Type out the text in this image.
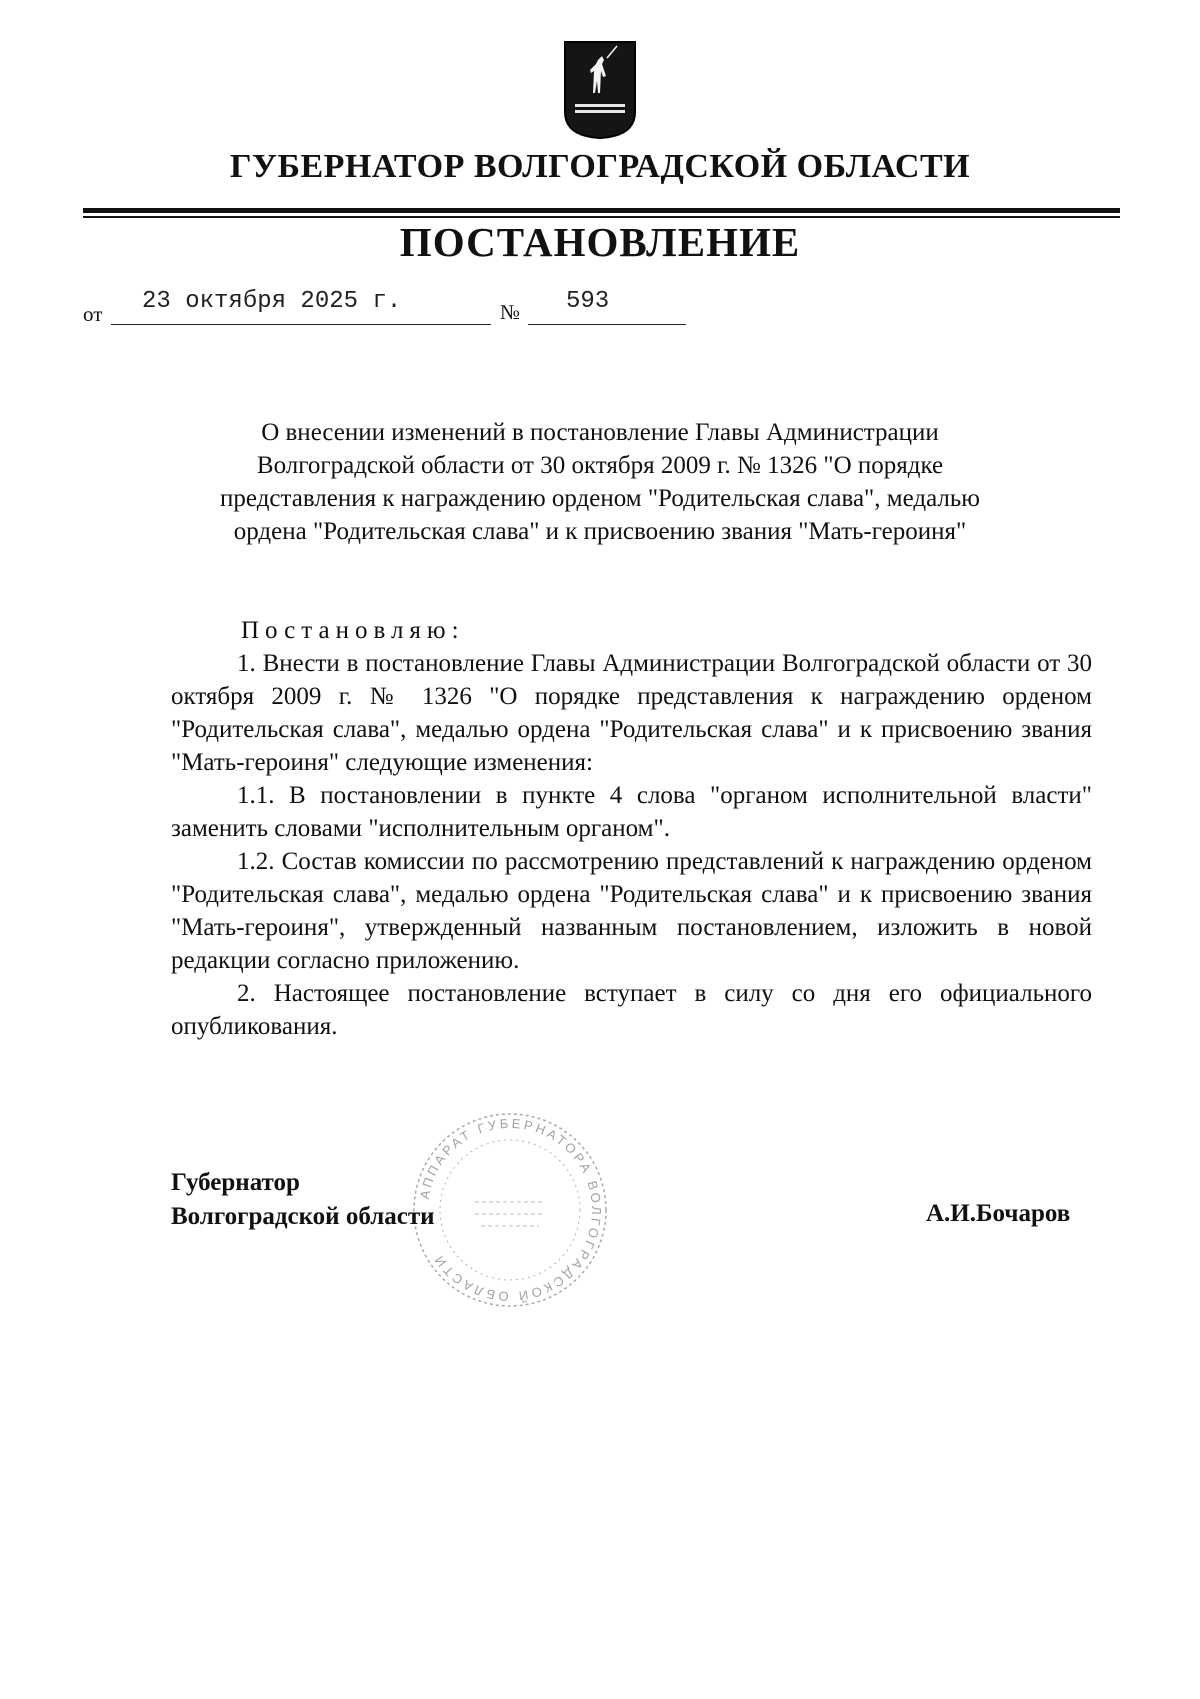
ГУБЕРНАТОР ВОЛГОГРАДСКОЙ ОБЛАСТИ
ПОСТАНОВЛЕНИЕ
от 23 октября 2025 г.	№ 593

О внесении изменений в постановление Главы Администрации

Волгоградской области от 30 октября 2009 г. № 1326 "О порядке

представления к награждению орденом "Родительская слава", медалью

ордена "Родительская слава" и к присвоению звания "Мать-героиня"

Постановляю:

1. Внести в постановление Главы Администрации Волгоградской области от 30 октября 2009 г. № 1326 "О порядке представления к награждению орденом "Родительская слава", медалью ордена "Родительская слава" и к присвоению звания "Мать-героиня" следующие изменения:

1.1. В постановлении в пункте 4 слова "органом исполнительной власти" заменить словами "исполнительным органом".

1.2. Состав комиссии по рассмотрению представлений к награждению орденом "Родительская слава", медалью ордена "Родительская слава" и к присвоению звания "Мать-героиня", утвержденный названным постановлением, изложить в новой редакции согласно приложению.

2. Настоящее постановление вступает в силу со дня его официального опубликования.

АППАРАТ ГУБЕРНАТОРА ВОЛГОГРАДСКОЙ ОБЛАСТИ

Губернатор

Волгоградской области	А.И.Бочаров
